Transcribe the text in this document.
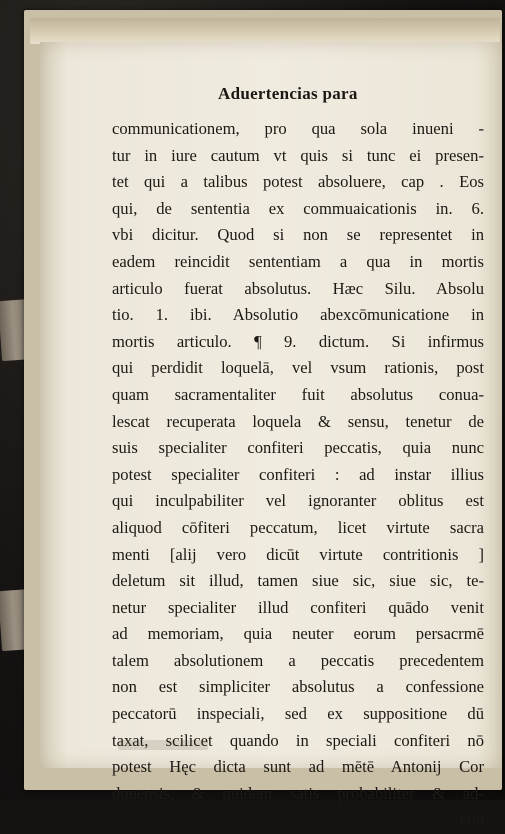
Aduertencias para
communicationem, pro qua sola inueni -
tur in iure cautum vt quis si tunc ei presen-
tet qui a talibus potest absoluere, cap . Eos
qui, de sententia ex commuaicationis in. 6.
vbi dicitur. Quod si non se representet in
eadem reincidit sententiam a qua in mortis
articulo fuerat absolutus. Hæc Silu. Absolu
tio. 1. ibi. Absolutio abexcōmunicatione in
mortis articulo. ¶ 9. dictum. Si infirmus
qui perdidit loquelā, vel vsum rationis, post
quam sacramentaliter fuit absolutus conua-
lescat recuperata loquela & sensu, tenetur de
suis specialiter confiteri peccatis, quia nunc
potest specialiter confiteri : ad instar illius
qui inculpabiliter vel ignoranter oblitus est
aliquod cōfiteri peccatum, licet virtute sacra
menti [alij vero dicūt virtute contritionis ]
deletum sit illud, tamen siue sic, siue sic, te-
netur specialiter illud confiteri quādo venit
ad memoriam, quia neuter eorum persacrmē
talem absolutionem a peccatis precedentem
non est simpliciter absolutus a confessione
peccatorū inspeciali, sed ex suppositione dū
taxat, scilicet quando in speciali confiteri nō
potest Hęc dicta sunt ad mētē Antonij Cor
duuensis, & quidem satis probabiliter & ad-
con
